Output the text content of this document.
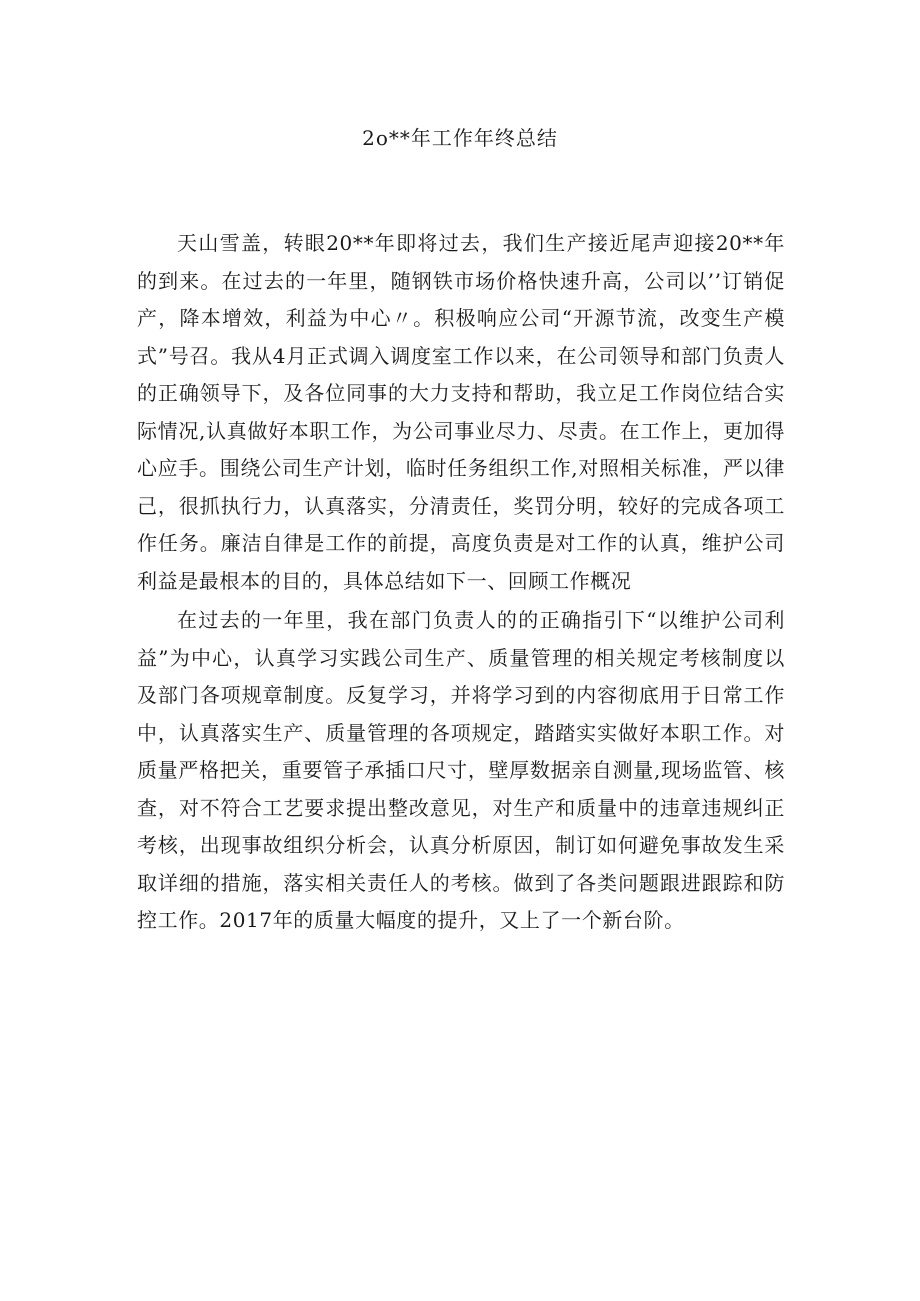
2o**年工作年终总结

天山雪盖，转眼20**年即将过去，我们生产接近尾声迎接20**年的到来。在过去的一年里，随钢铁市场价格快速升高，公司以’’订销促产，降本增效，利益为中心〃。积极响应公司“开源节流，改变生产模式”号召。我从4月正式调入调度室工作以来，在公司领导和部门负责人的正确领导下，及各位同事的大力支持和帮助，我立足工作岗位结合实际情况,认真做好本职工作，为公司事业尽力、尽责。在工作上，更加得心应手。围绕公司生产计划，临时任务组织工作,对照相关标准，严以律己，很抓执行力，认真落实，分清责任，奖罚分明，较好的完成各项工作任务。廉洁自律是工作的前提，高度负责是对工作的认真，维护公司利益是最根本的目的，具体总结如下一、回顾工作概况

在过去的一年里，我在部门负责人的的正确指引下“以维护公司利益”为中心，认真学习实践公司生产、质量管理的相关规定考核制度以及部门各项规章制度。反复学习，并将学习到的内容彻底用于日常工作中，认真落实生产、质量管理的各项规定，踏踏实实做好本职工作。对质量严格把关，重要管子承插口尺寸，壁厚数据亲自测量,现场监管、核查，对不符合工艺要求提出整改意见，对生产和质量中的违章违规纠正考核，出现事故组织分析会，认真分析原因，制订如何避免事故发生采取详细的措施，落实相关责任人的考核。做到了各类问题跟进跟踪和防控工作。2017年的质量大幅度的提升，又上了一个新台阶。
